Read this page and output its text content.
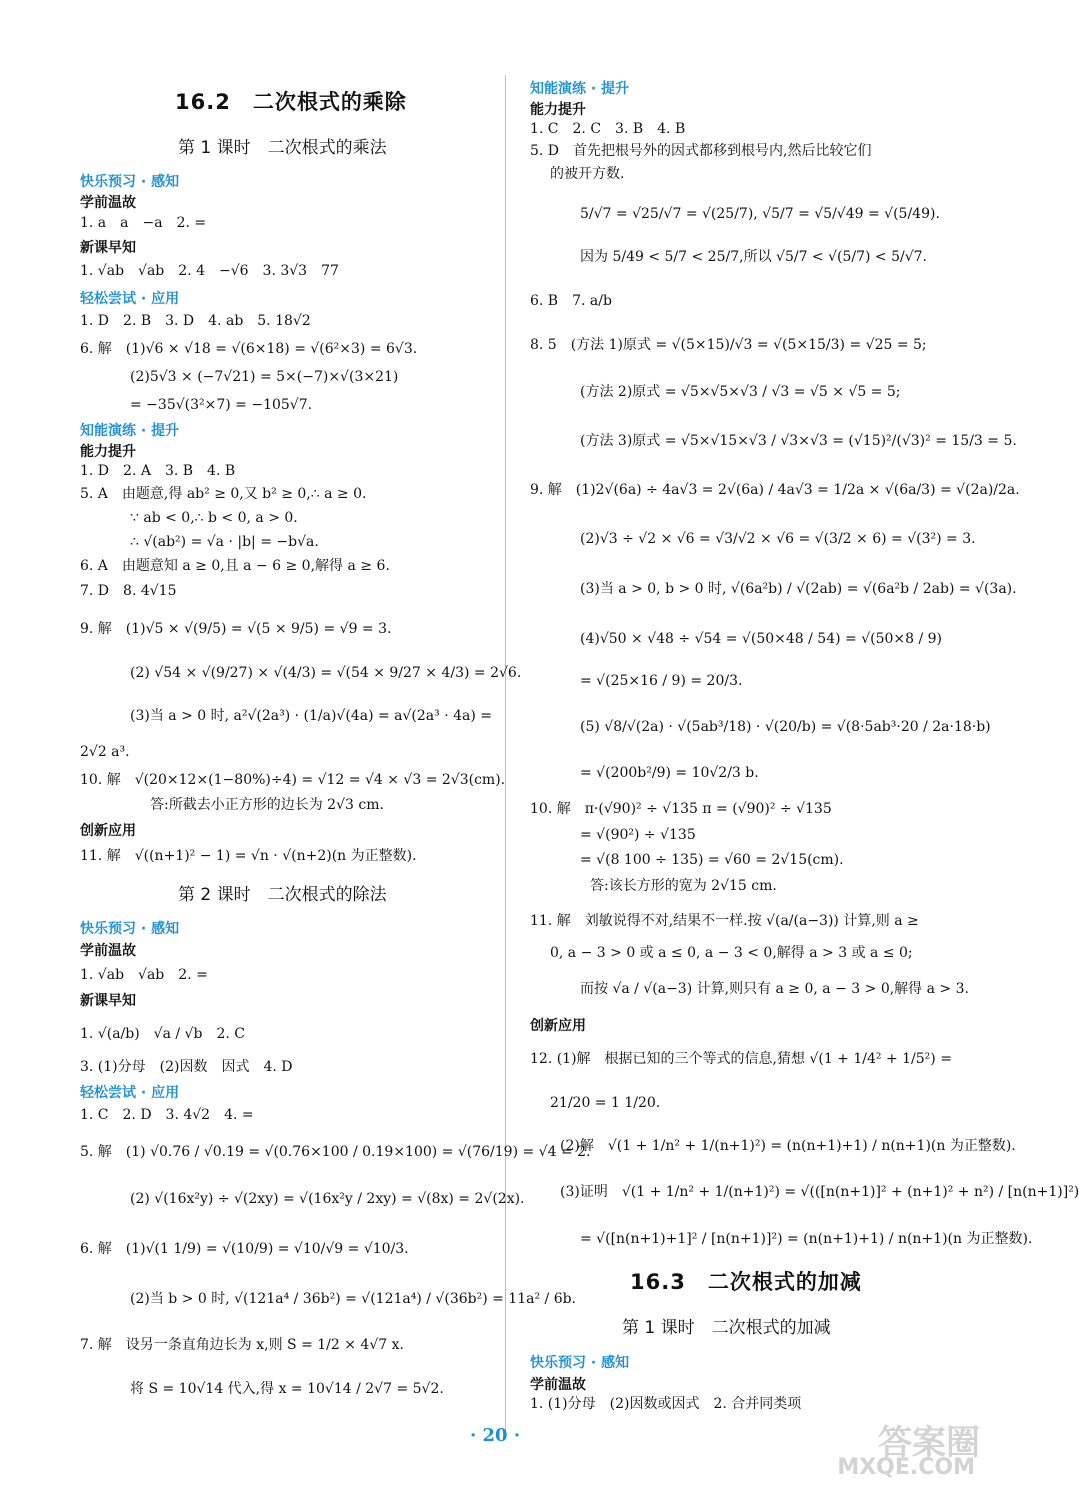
16.2　二次根式的乘除
第 1 课时　二次根式的乘法
快乐预习 · 感知
学前温故
1. a　a　−a　2. =
新课早知
1. √ab　√ab　2. 4　−√6　3. 3√3　77
轻松尝试 · 应用
1. D　2. B　3. D　4. ab　5. 18√2
6. 解　(1)√6 × √18 = √(6×18) = √(6²×3) = 6√3.
(2)5√3 × (−7√21) = 5×(−7)×√(3×21)
= −35√(3²×7) = −105√7.
知能演练 · 提升
能力提升
1. D　2. A　3. B　4. B
5. A　由题意,得 ab² ≥ 0,又 b² ≥ 0,∴ a ≥ 0.
∵ ab < 0,∴ b < 0, a > 0.
∴ √(ab²) = √a · |b| = −b√a.
6. A　由题意知 a ≥ 0,且 a − 6 ≥ 0,解得 a ≥ 6.
7. D　8. 4√15
9. 解　(1)√5 × √(9/5) = √(5 × 9/5) = √9 = 3.
(2) √54 × √(9/27) × √(4/3) = √(54 × 9/27 × 4/3) = 2√6.
(3)当 a > 0 时, a²√(2a³) · (1/a)√(4a) = a√(2a³ · 4a) =
2√2 a³.
10. 解　√(20×12×(1−80%)÷4) = √12 = √4 × √3 = 2√3(cm).
答:所截去小正方形的边长为 2√3 cm.
创新应用
11. 解　√((n+1)² − 1) = √n · √(n+2)(n 为正整数).
第 2 课时　二次根式的除法
快乐预习 · 感知
学前温故
1. √ab　√ab　2. =
新课早知
1. √(a/b)　√a / √b　2. C
3. (1)分母　(2)因数　因式　4. D
轻松尝试 · 应用
1. C　2. D　3. 4√2　4. =
5. 解　(1) √0.76 / √0.19 = √(0.76×100 / 0.19×100) = √(76/19) = √4 = 2.
(2) √(16x²y) ÷ √(2xy) = √(16x²y / 2xy) = √(8x) = 2√(2x).
6. 解　(1)√(1 1/9) = √(10/9) = √10/√9 = √10/3.
(2)当 b > 0 时, √(121a⁴ / 36b²) = √(121a⁴) / √(36b²) = 11a² / 6b.
7. 解　设另一条直角边长为 x,则 S = 1/2 × 4√7 x.
将 S = 10√14 代入,得 x = 10√14 / 2√7 = 5√2.
知能演练 · 提升
能力提升
1. C　2. C　3. B　4. B
5. D　首先把根号外的因式都移到根号内,然后比较它们
的被开方数.
5/√7 = √25/√7 = √(25/7), √5/7 = √5/√49 = √(5/49).
因为 5/49 < 5/7 < 25/7,所以 √5/7 < √(5/7) < 5/√7.
6. B　7. a/b
8. 5　(方法 1)原式 = √(5×15)/√3 = √(5×15/3) = √25 = 5;
(方法 2)原式 = √5×√5×√3 / √3 = √5 × √5 = 5;
(方法 3)原式 = √5×√15×√3 / √3×√3 = (√15)²/(√3)² = 15/3 = 5.
9. 解　(1)2√(6a) ÷ 4a√3 = 2√(6a) / 4a√3 = 1/2a × √(6a/3) = √(2a)/2a.
(2)√3 ÷ √2 × √6 = √3/√2 × √6 = √(3/2 × 6) = √(3²) = 3.
(3)当 a > 0, b > 0 时, √(6a²b) / √(2ab) = √(6a²b / 2ab) = √(3a).
(4)√50 × √48 ÷ √54 = √(50×48 / 54) = √(50×8 / 9)
= √(25×16 / 9) = 20/3.
(5) √8/√(2a) · √(5ab³/18) · √(20/b) = √(8·5ab³·20 / 2a·18·b)
= √(200b²/9) = 10√2/3 b.
10. 解　π·(√90)² ÷ √135 π = (√90)² ÷ √135
= √(90²) ÷ √135
= √(8 100 ÷ 135) = √60 = 2√15(cm).
答:该长方形的宽为 2√15 cm.
11. 解　刘敏说得不对,结果不一样.按 √(a/(a−3)) 计算,则 a ≥
0, a − 3 > 0 或 a ≤ 0, a − 3 < 0,解得 a > 3 或 a ≤ 0;
而按 √a / √(a−3) 计算,则只有 a ≥ 0, a − 3 > 0,解得 a > 3.
创新应用
12. (1)解　根据已知的三个等式的信息,猜想 √(1 + 1/4² + 1/5²) =
21/20 = 1 1/20.
(2)解　√(1 + 1/n² + 1/(n+1)²) = (n(n+1)+1) / n(n+1)(n 为正整数).
(3)证明　√(1 + 1/n² + 1/(n+1)²) = √(([n(n+1)]² + (n+1)² + n²) / [n(n+1)]²)
= √([n(n+1)+1]² / [n(n+1)]²) = (n(n+1)+1) / n(n+1)(n 为正整数).
16.3　二次根式的加减
第 1 课时　二次根式的加减
快乐预习 · 感知
学前温故
1. (1)分母　(2)因数或因式　2. 合并同类项
· 20 ·	答案圈
MXQE.COM
